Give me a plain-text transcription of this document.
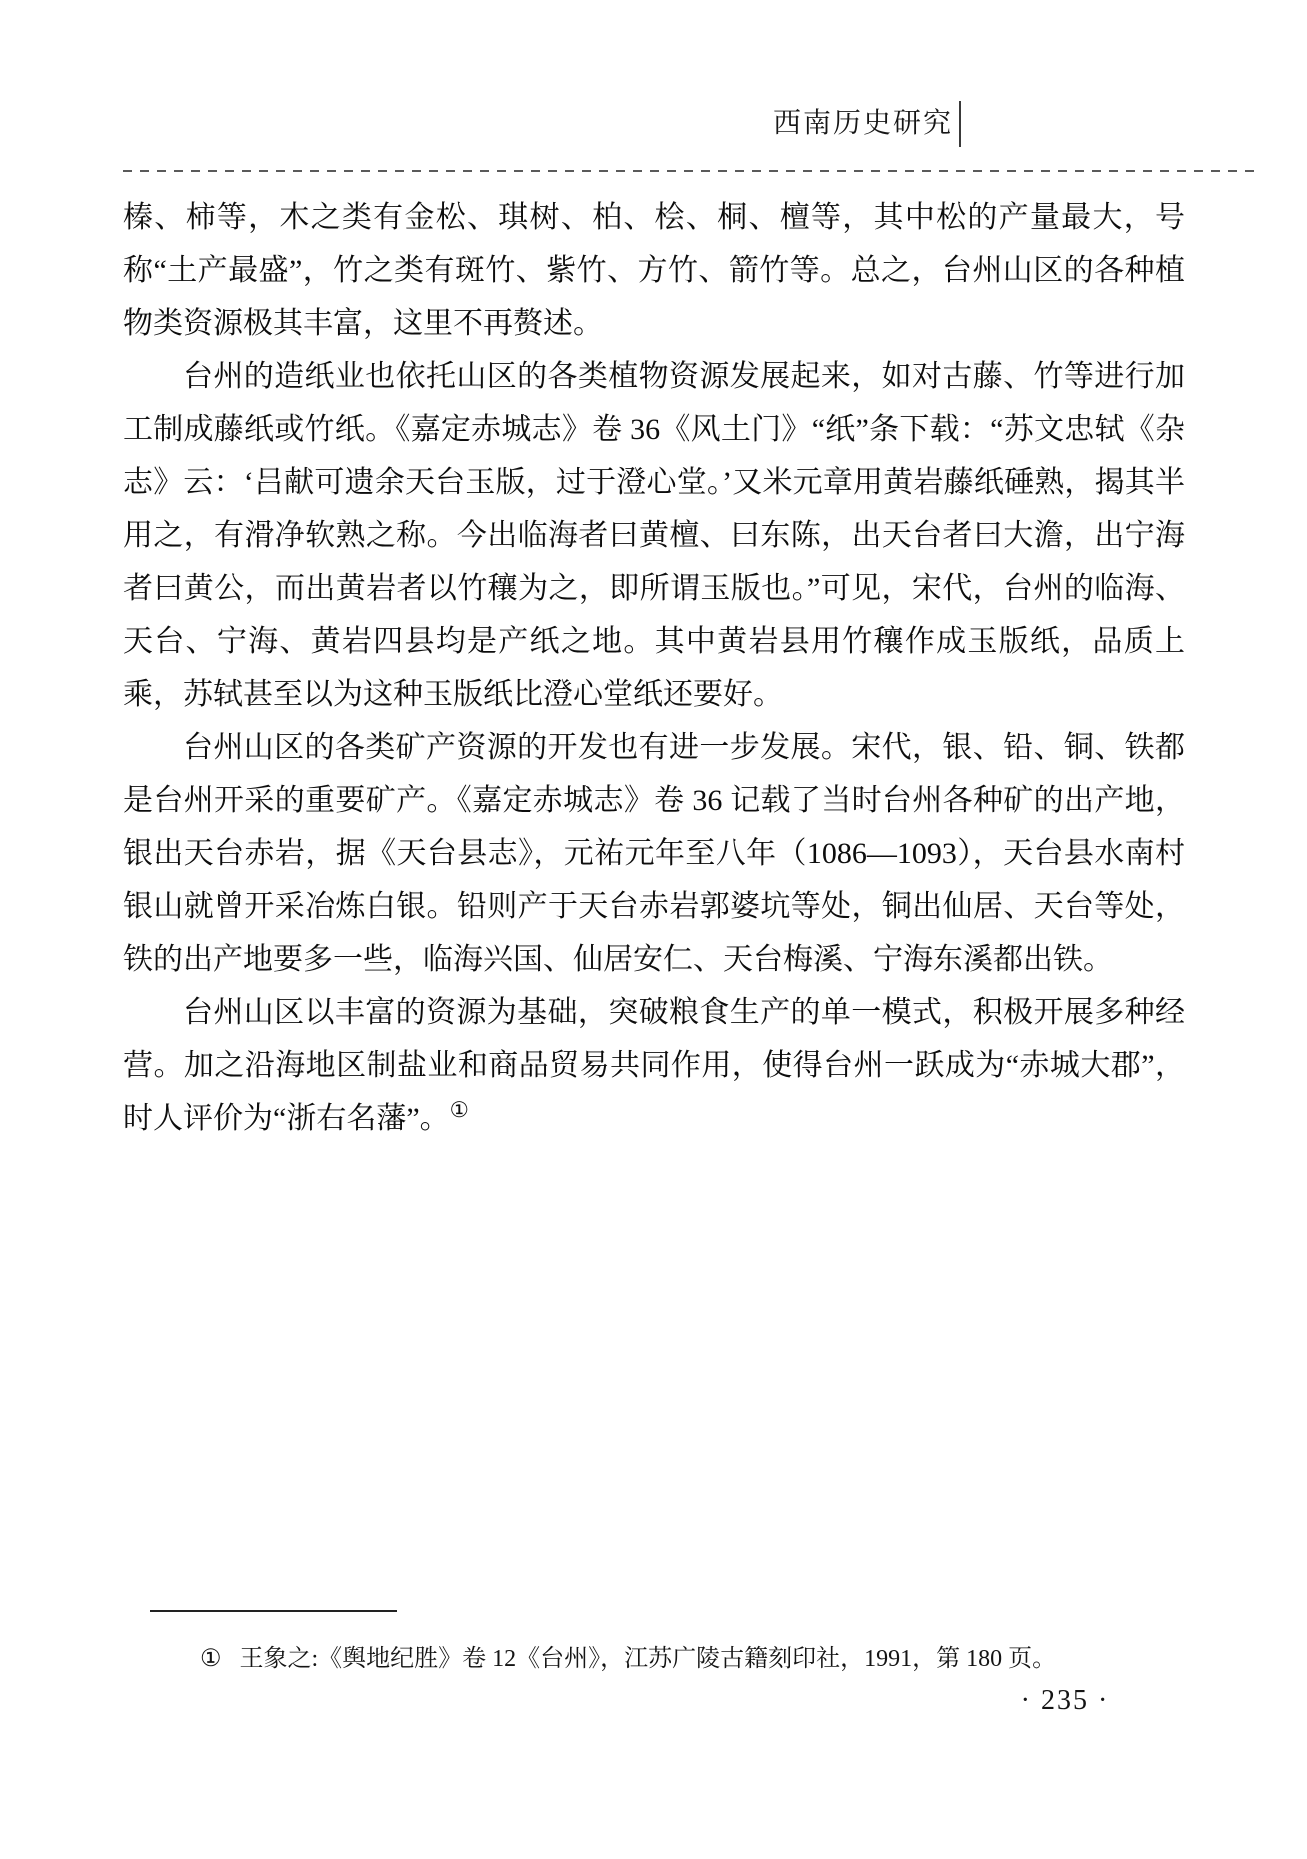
西南历史研究

榛、柿等，木之类有金松、琪树、柏、桧、桐、檀等，其中松的产量最大，号称“土产最盛”，竹之类有斑竹、紫竹、方竹、箭竹等。总之，台州山区的各种植物类资源极其丰富，这里不再赘述。

台州的造纸业也依托山区的各类植物资源发展起来，如对古藤、竹等进行加工制成藤纸或竹纸。《嘉定赤城志》卷 36《风土门》“纸”条下载：“苏文忠轼《杂志》云：‘吕献可遗余天台玉版，过于澄心堂。’又米元章用黄岩藤纸硾熟，揭其半用之，有滑净软熟之称。今出临海者曰黄檀、曰东陈，出天台者曰大澹，出宁海者曰黄公，而出黄岩者以竹穰为之，即所谓玉版也。”可见，宋代，台州的临海、天台、宁海、黄岩四县均是产纸之地。其中黄岩县用竹穰作成玉版纸，品质上乘，苏轼甚至以为这种玉版纸比澄心堂纸还要好。

台州山区的各类矿产资源的开发也有进一步发展。宋代，银、铅、铜、铁都是台州开采的重要矿产。《嘉定赤城志》卷 36 记载了当时台州各种矿的出产地，银出天台赤岩，据《天台县志》，元祐元年至八年（1086—1093），天台县水南村银山就曾开采冶炼白银。铅则产于天台赤岩郭婆坑等处，铜出仙居、天台等处，铁的出产地要多一些，临海兴国、仙居安仁、天台梅溪、宁海东溪都出铁。

台州山区以丰富的资源为基础，突破粮食生产的单一模式，积极开展多种经营。加之沿海地区制盐业和商品贸易共同作用，使得台州一跃成为“赤城大郡”，时人评价为“浙右名藩”。①

① 王象之:《舆地纪胜》卷 12《台州》，江苏广陵古籍刻印社，1991，第 180 页。
· 235 ·
